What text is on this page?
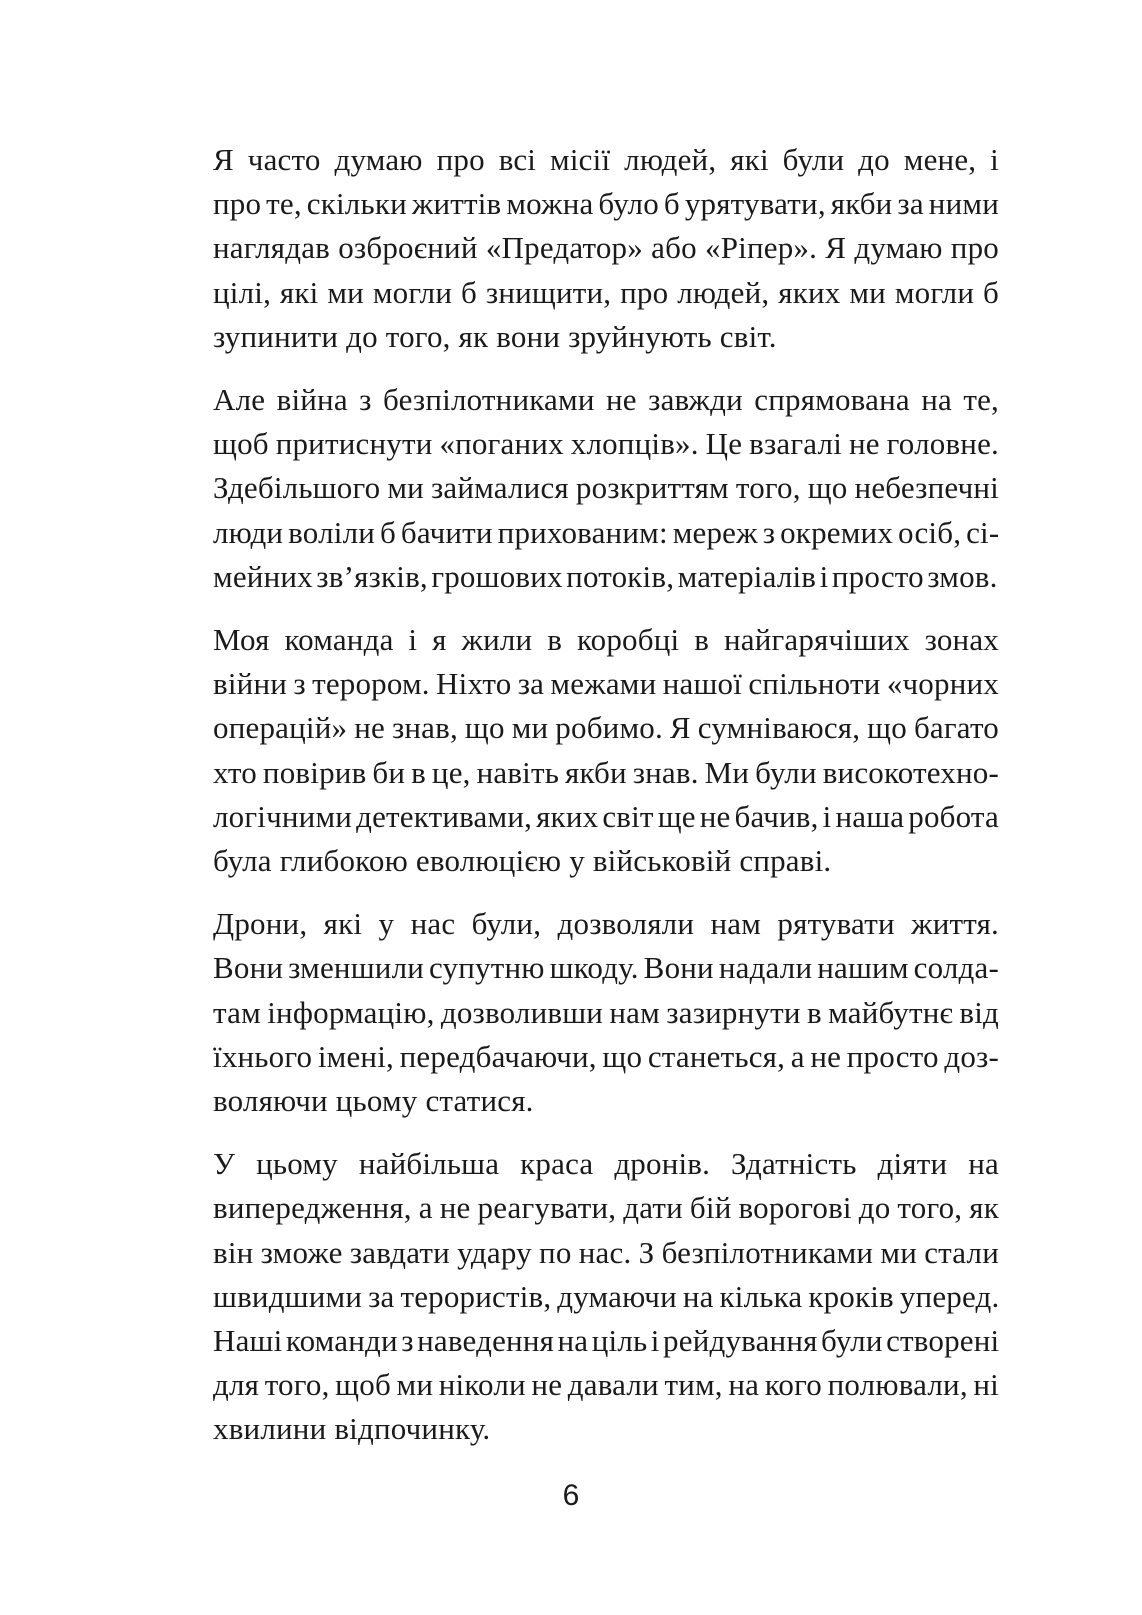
Я часто думаю про всі місії людей, які були до мене, і
про те, скільки життів можна було б урятувати, якби за ними
наглядав озброєний «Предатор» або «Ріпер». Я думаю про
цілі, які ми могли б знищити, про людей, яких ми могли б
зупинити до того, як вони зруйнують світ.

Але війна з безпілотниками не завжди спрямована на те,
щоб притиснути «поганих хлопців». Це взагалі не головне.
Здебільшого ми займалися розкриттям того, що небезпечні
люди воліли б бачити прихованим: мереж з окремих осіб, сі-
мейних зв’язків, грошових потоків, матеріалів і просто змов.

Моя команда і я жили в коробці в найгарячіших зонах
війни з терором. Ніхто за межами нашої спільноти «чорних
операцій» не знав, що ми робимо. Я сумніваюся, що багато
хто повірив би в це, навіть якби знав. Ми були високотехно-
логічними детективами, яких світ ще не бачив, і наша робота
була глибокою еволюцією у військовій справі.

Дрони, які у нас були, дозволяли нам рятувати життя.
Вони зменшили супутню шкоду. Вони надали нашим солда-
там інформацію, дозволивши нам зазирнути в майбутнє від
їхнього імені, передбачаючи, що станеться, а не просто доз-
воляючи цьому статися.

У цьому найбільша краса дронів. Здатність діяти на
випередження, а не реагувати, дати бій ворогові до того, як
він зможе завдати удару по нас. З безпілотниками ми стали
швидшими за терористів, думаючи на кілька кроків уперед.
Наші команди з наведення на ціль і рейдування були створені
для того, щоб ми ніколи не давали тим, на кого полювали, ні
хвилини відпочинку.

6
